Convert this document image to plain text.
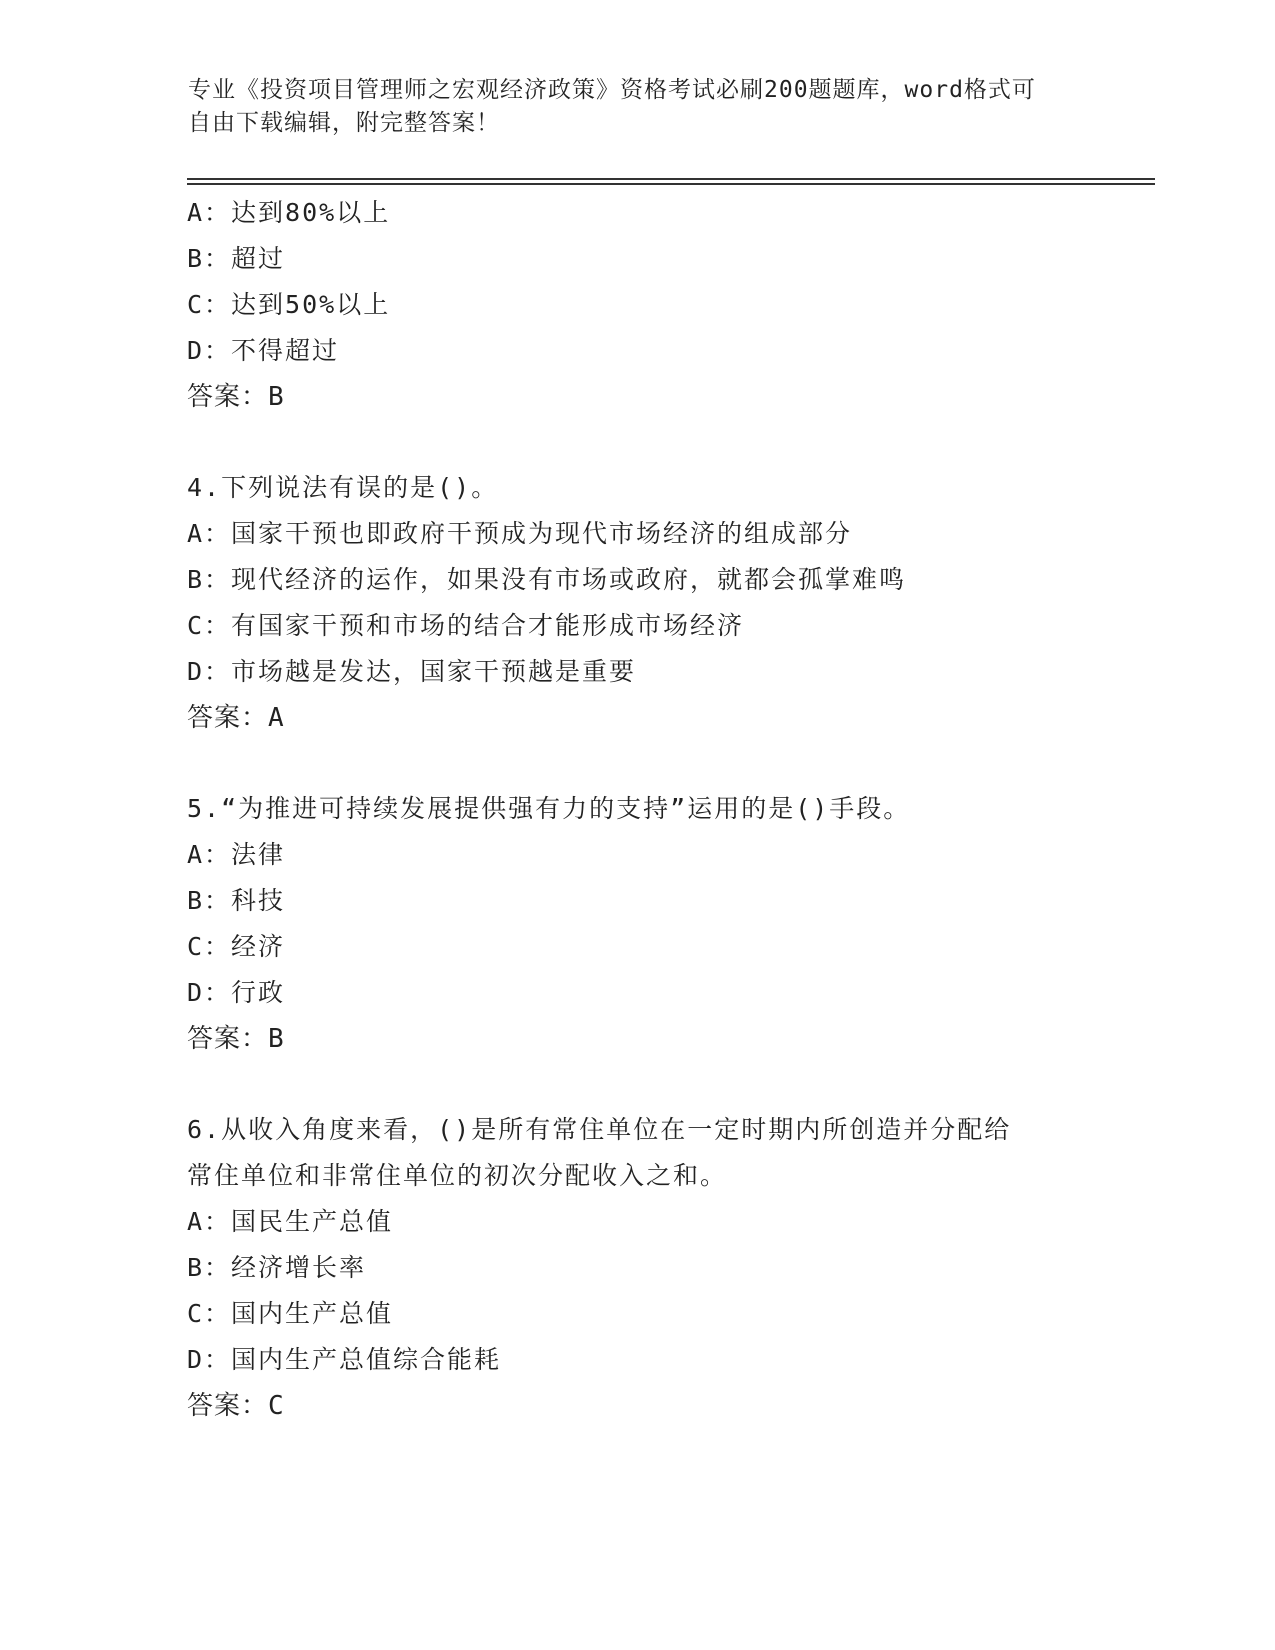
专业《投资项目管理师之宏观经济政策》资格考试必刷200题题库，word格式可
自由下载编辑，附完整答案！
A：达到80%以上
B：超过
C：达到50%以上
D：不得超过
答案：B
4.下列说法有误的是()。
A：国家干预也即政府干预成为现代市场经济的组成部分
B：现代经济的运作，如果没有市场或政府，就都会孤掌难鸣
C：有国家干预和市场的结合才能形成市场经济
D：市场越是发达，国家干预越是重要
答案：A
5.“为推进可持续发展提供强有力的支持”运用的是()手段。
A：法律
B：科技
C：经济
D：行政
答案：B
6.从收入角度来看，()是所有常住单位在一定时期内所创造并分配给
常住单位和非常住单位的初次分配收入之和。
A：国民生产总值
B：经济增长率
C：国内生产总值
D：国内生产总值综合能耗
答案：C
